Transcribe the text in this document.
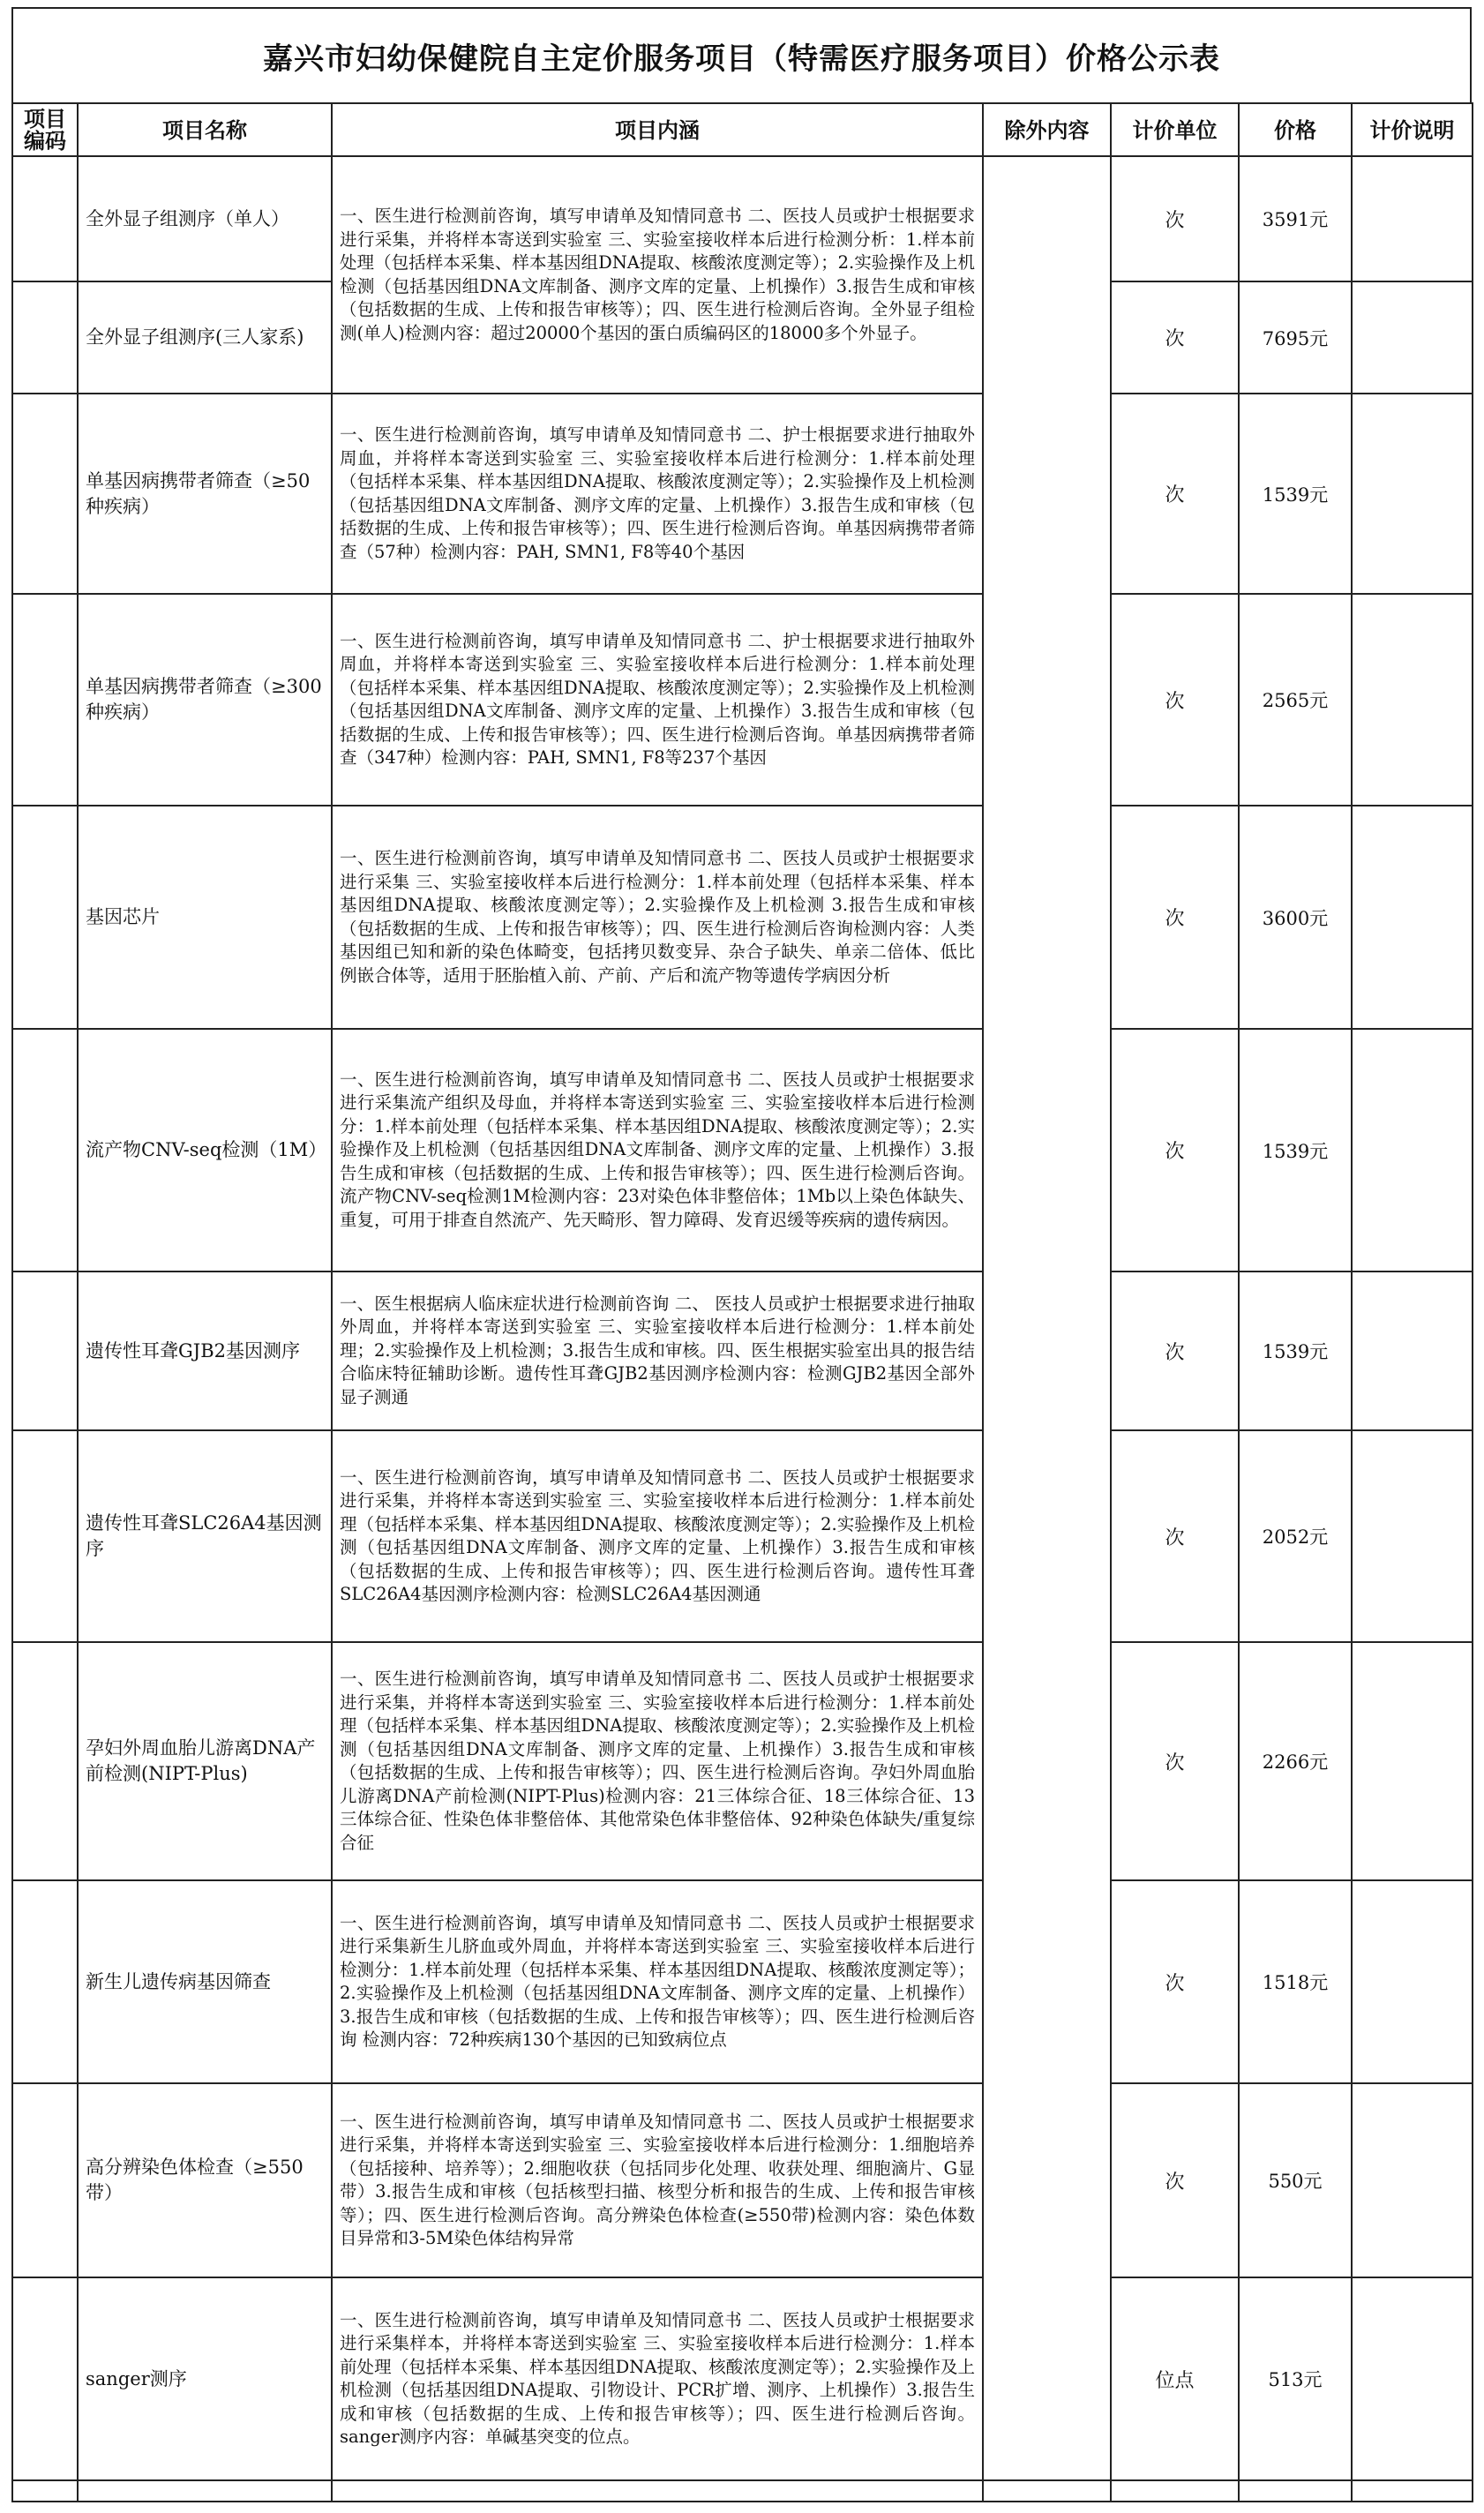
嘉兴市妇幼保健院自主定价服务项目（特需医疗服务项目）价格公示表
项目编码	项目名称	项目内涵	除外内容	计价单位	价格	计价说明
	全外显子组测序（单人）	一、医生进行检测前咨询，填写申请单及知情同意书 二、医技人员或护士根据要求进行采集，并将样本寄送到实验室 三、实验室接收样本后进行检测分析：1.样本前处理（包括样本采集、样本基因组DNA提取、核酸浓度测定等）；2.实验操作及上机检测（包括基因组DNA文库制备、测序文库的定量、上机操作）3.报告生成和审核（包括数据的生成、上传和报告审核等）；四、医生进行检测后咨询。全外显子组检测(单人)检测内容：超过20000个基因的蛋白质编码区的18000多个外显子。		次	3591元	
	全外显子组测序(三人家系)			次	7695元	
	单基因病携带者筛查（≥50种疾病）	一、医生进行检测前咨询，填写申请单及知情同意书 二、护士根据要求进行抽取外周血，并将样本寄送到实验室 三、实验室接收样本后进行检测分：1.样本前处理（包括样本采集、样本基因组DNA提取、核酸浓度测定等）；2.实验操作及上机检测（包括基因组DNA文库制备、测序文库的定量、上机操作）3.报告生成和审核（包括数据的生成、上传和报告审核等）；四、医生进行检测后咨询。单基因病携带者筛查（57种）检测内容：PAH, SMN1, F8等40个基因		次	1539元	
	单基因病携带者筛查（≥300种疾病）	一、医生进行检测前咨询，填写申请单及知情同意书 二、护士根据要求进行抽取外周血，并将样本寄送到实验室 三、实验室接收样本后进行检测分：1.样本前处理（包括样本采集、样本基因组DNA提取、核酸浓度测定等）；2.实验操作及上机检测（包括基因组DNA文库制备、测序文库的定量、上机操作）3.报告生成和审核（包括数据的生成、上传和报告审核等）；四、医生进行检测后咨询。单基因病携带者筛查（347种）检测内容：PAH, SMN1, F8等237个基因		次	2565元	
	基因芯片	一、医生进行检测前咨询，填写申请单及知情同意书 二、医技人员或护士根据要求进行采集 三、实验室接收样本后进行检测分：1.样本前处理（包括样本采集、样本基因组DNA提取、核酸浓度测定等）；2.实验操作及上机检测 3.报告生成和审核（包括数据的生成、上传和报告审核等）；四、医生进行检测后咨询检测内容：人类基因组已知和新的染色体畸变，包括拷贝数变异、杂合子缺失、单亲二倍体、低比例嵌合体等，适用于胚胎植入前、产前、产后和流产物等遗传学病因分析		次	3600元	
	流产物CNV-seq检测（1M）	一、医生进行检测前咨询，填写申请单及知情同意书 二、医技人员或护士根据要求进行采集流产组织及母血，并将样本寄送到实验室 三、实验室接收样本后进行检测分：1.样本前处理（包括样本采集、样本基因组DNA提取、核酸浓度测定等）；2.实验操作及上机检测（包括基因组DNA文库制备、测序文库的定量、上机操作）3.报告生成和审核（包括数据的生成、上传和报告审核等）；四、医生进行检测后咨询。流产物CNV-seq检测1M检测内容：23对染色体非整倍体；1Mb以上染色体缺失、重复，可用于排查自然流产、先天畸形、智力障碍、发育迟缓等疾病的遗传病因。		次	1539元	
	遗传性耳聋GJB2基因测序	一、医生根据病人临床症状进行检测前咨询 二、 医技人员或护士根据要求进行抽取外周血，并将样本寄送到实验室 三、实验室接收样本后进行检测分：1.样本前处理；2.实验操作及上机检测；3.报告生成和审核。四、医生根据实验室出具的报告结合临床特征辅助诊断。遗传性耳聋GJB2基因测序检测内容：检测GJB2基因全部外显子测通		次	1539元	
	遗传性耳聋SLC26A4基因测序	一、医生进行检测前咨询，填写申请单及知情同意书 二、医技人员或护士根据要求进行采集，并将样本寄送到实验室 三、实验室接收样本后进行检测分：1.样本前处理（包括样本采集、样本基因组DNA提取、核酸浓度测定等）；2.实验操作及上机检测（包括基因组DNA文库制备、测序文库的定量、上机操作）3.报告生成和审核（包括数据的生成、上传和报告审核等）；四、医生进行检测后咨询。遗传性耳聋SLC26A4基因测序检测内容：检测SLC26A4基因测通		次	2052元	
	孕妇外周血胎儿游离DNA产前检测(NIPT-Plus)	一、医生进行检测前咨询，填写申请单及知情同意书 二、医技人员或护士根据要求进行采集，并将样本寄送到实验室 三、实验室接收样本后进行检测分：1.样本前处理（包括样本采集、样本基因组DNA提取、核酸浓度测定等）；2.实验操作及上机检测（包括基因组DNA文库制备、测序文库的定量、上机操作）3.报告生成和审核（包括数据的生成、上传和报告审核等）；四、医生进行检测后咨询。孕妇外周血胎儿游离DNA产前检测(NIPT-Plus)检测内容：21三体综合征、18三体综合征、13三体综合征、性染色体非整倍体、其他常染色体非整倍体、92种染色体缺失/重复综合征		次	2266元	
	新生儿遗传病基因筛查	一、医生进行检测前咨询，填写申请单及知情同意书 二、医技人员或护士根据要求进行采集新生儿脐血或外周血，并将样本寄送到实验室 三、实验室接收样本后进行检测分：1.样本前处理（包括样本采集、样本基因组DNA提取、核酸浓度测定等）；2.实验操作及上机检测（包括基因组DNA文库制备、测序文库的定量、上机操作）3.报告生成和审核（包括数据的生成、上传和报告审核等）；四、医生进行检测后咨询 检测内容：72种疾病130个基因的已知致病位点		次	1518元	
	高分辨染色体检查（≥550带）	一、医生进行检测前咨询，填写申请单及知情同意书 二、医技人员或护士根据要求进行采集，并将样本寄送到实验室 三、实验室接收样本后进行检测分：1.细胞培养（包括接种、培养等）；2.细胞收获（包括同步化处理、收获处理、细胞滴片、G显带）3.报告生成和审核（包括核型扫描、核型分析和报告的生成、上传和报告审核等）；四、医生进行检测后咨询。高分辨染色体检查(≥550带)检测内容：染色体数目异常和3-5M染色体结构异常		次	550元	
	sanger测序	一、医生进行检测前咨询，填写申请单及知情同意书 二、医技人员或护士根据要求进行采集样本，并将样本寄送到实验室 三、实验室接收样本后进行检测分：1.样本前处理（包括样本采集、样本基因组DNA提取、核酸浓度测定等）；2.实验操作及上机检测（包括基因组DNA提取、引物设计、PCR扩增、测序、上机操作）3.报告生成和审核（包括数据的生成、上传和报告审核等）；四、医生进行检测后咨询。sanger测序内容：单碱基突变的位点。		位点	513元	
